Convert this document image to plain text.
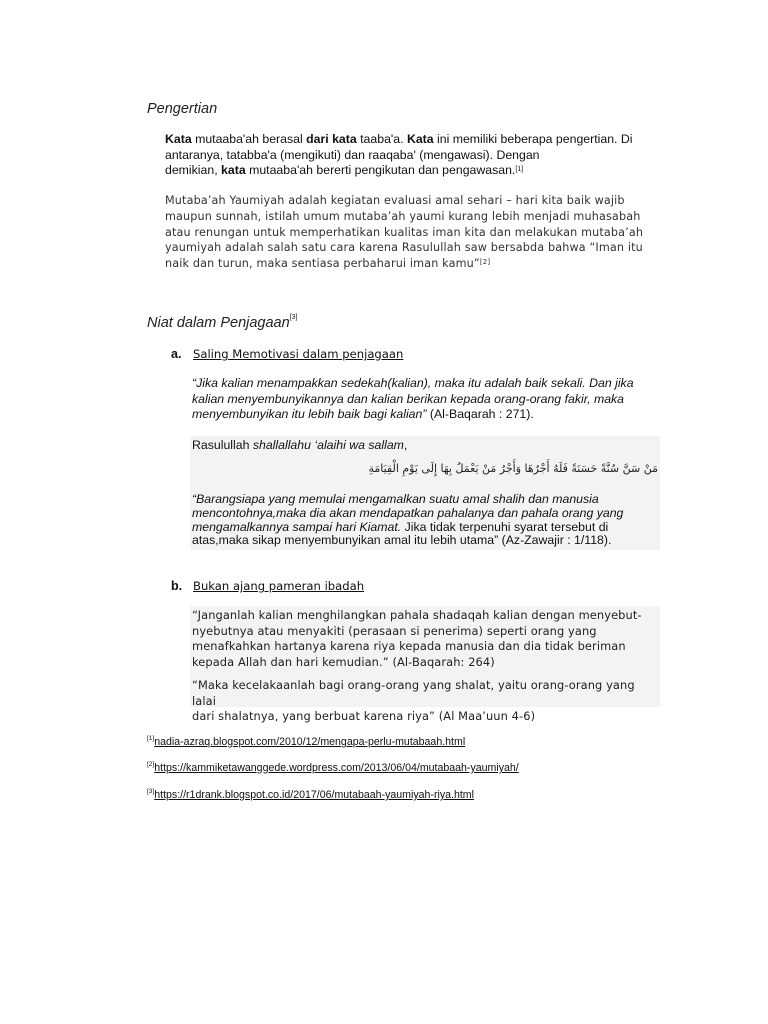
Pengertian
Kata mutaaba'ah berasal dari kata taaba'a. Kata ini memiliki beberapa pengertian. Di
antaranya, tatabba'a (mengikuti) dan raaqaba' (mengawasi). Dengan
demikian, kata mutaaba'ah bererti pengikutan dan pengawasan.[1]
Mutaba’ah Yaumiyah adalah kegiatan evaluasi amal sehari – hari kita baik wajib
maupun sunnah, istilah umum mutaba’ah yaumi kurang lebih menjadi muhasabah
atau renungan untuk memperhatikan kualitas iman kita dan melakukan mutaba’ah
yaumiyah adalah salah satu cara karena Rasulullah saw bersabda bahwa “Iman itu
naik dan turun, maka sentiasa perbaharui iman kamu”[2]
Niat dalam Penjagaan[3]
a. Saling Memotivasi dalam penjagaan
“Jika kalian menampakkan sedekah(kalian), maka itu adalah baik sekali. Dan jika
kalian menyembunyikannya dan kalian berikan kepada orang-orang fakir, maka
menyembunyikan itu lebih baik bagi kalian” (Al-Baqarah : 271).
Rasulullah shallallahu ‘alaihi wa sallam,
مَنْ سَنَّ سُنَّةً حَسَنَةً فَلَهُ أَجْرُهَا وَأَجْرُ مَنْ يَعْمَلُ بِهَا إِلَى يَوْمِ الْقِيَامَةِ
“Barangsiapa yang memulai mengamalkan suatu amal shalih dan manusia
mencontohnya,maka dia akan mendapatkan pahalanya dan pahala orang yang
mengamalkannya sampai hari Kiamat. Jika tidak terpenuhi syarat tersebut di
atas,maka sikap menyembunyikan amal itu lebih utama” (Az-Zawajir : 1/118).
b. Bukan ajang pameran ibadah
“Janganlah kalian menghilangkan pahala shadaqah kalian dengan menyebut-
nyebutnya atau menyakiti (perasaan si penerima) seperti orang yang
menafkahkan hartanya karena riya kepada manusia dan dia tidak beriman
kepada Allah dan hari kemudian.” (Al-Baqarah: 264)
“Maka kecelakaanlah bagi orang-orang yang shalat, yaitu orang-orang yang lalai
dari shalatnya, yang berbuat karena riya” (Al Maa’uun 4-6)
[1]nadia-azraq.blogspot.com/2010/12/mengapa-perlu-mutabaah.html
[2]https://kammiketawanggede.wordpress.com/2013/06/04/mutabaah-yaumiyah/
[3]https://r1drank.blogspot.co.id/2017/06/mutabaah-yaumiyah-riya.html
